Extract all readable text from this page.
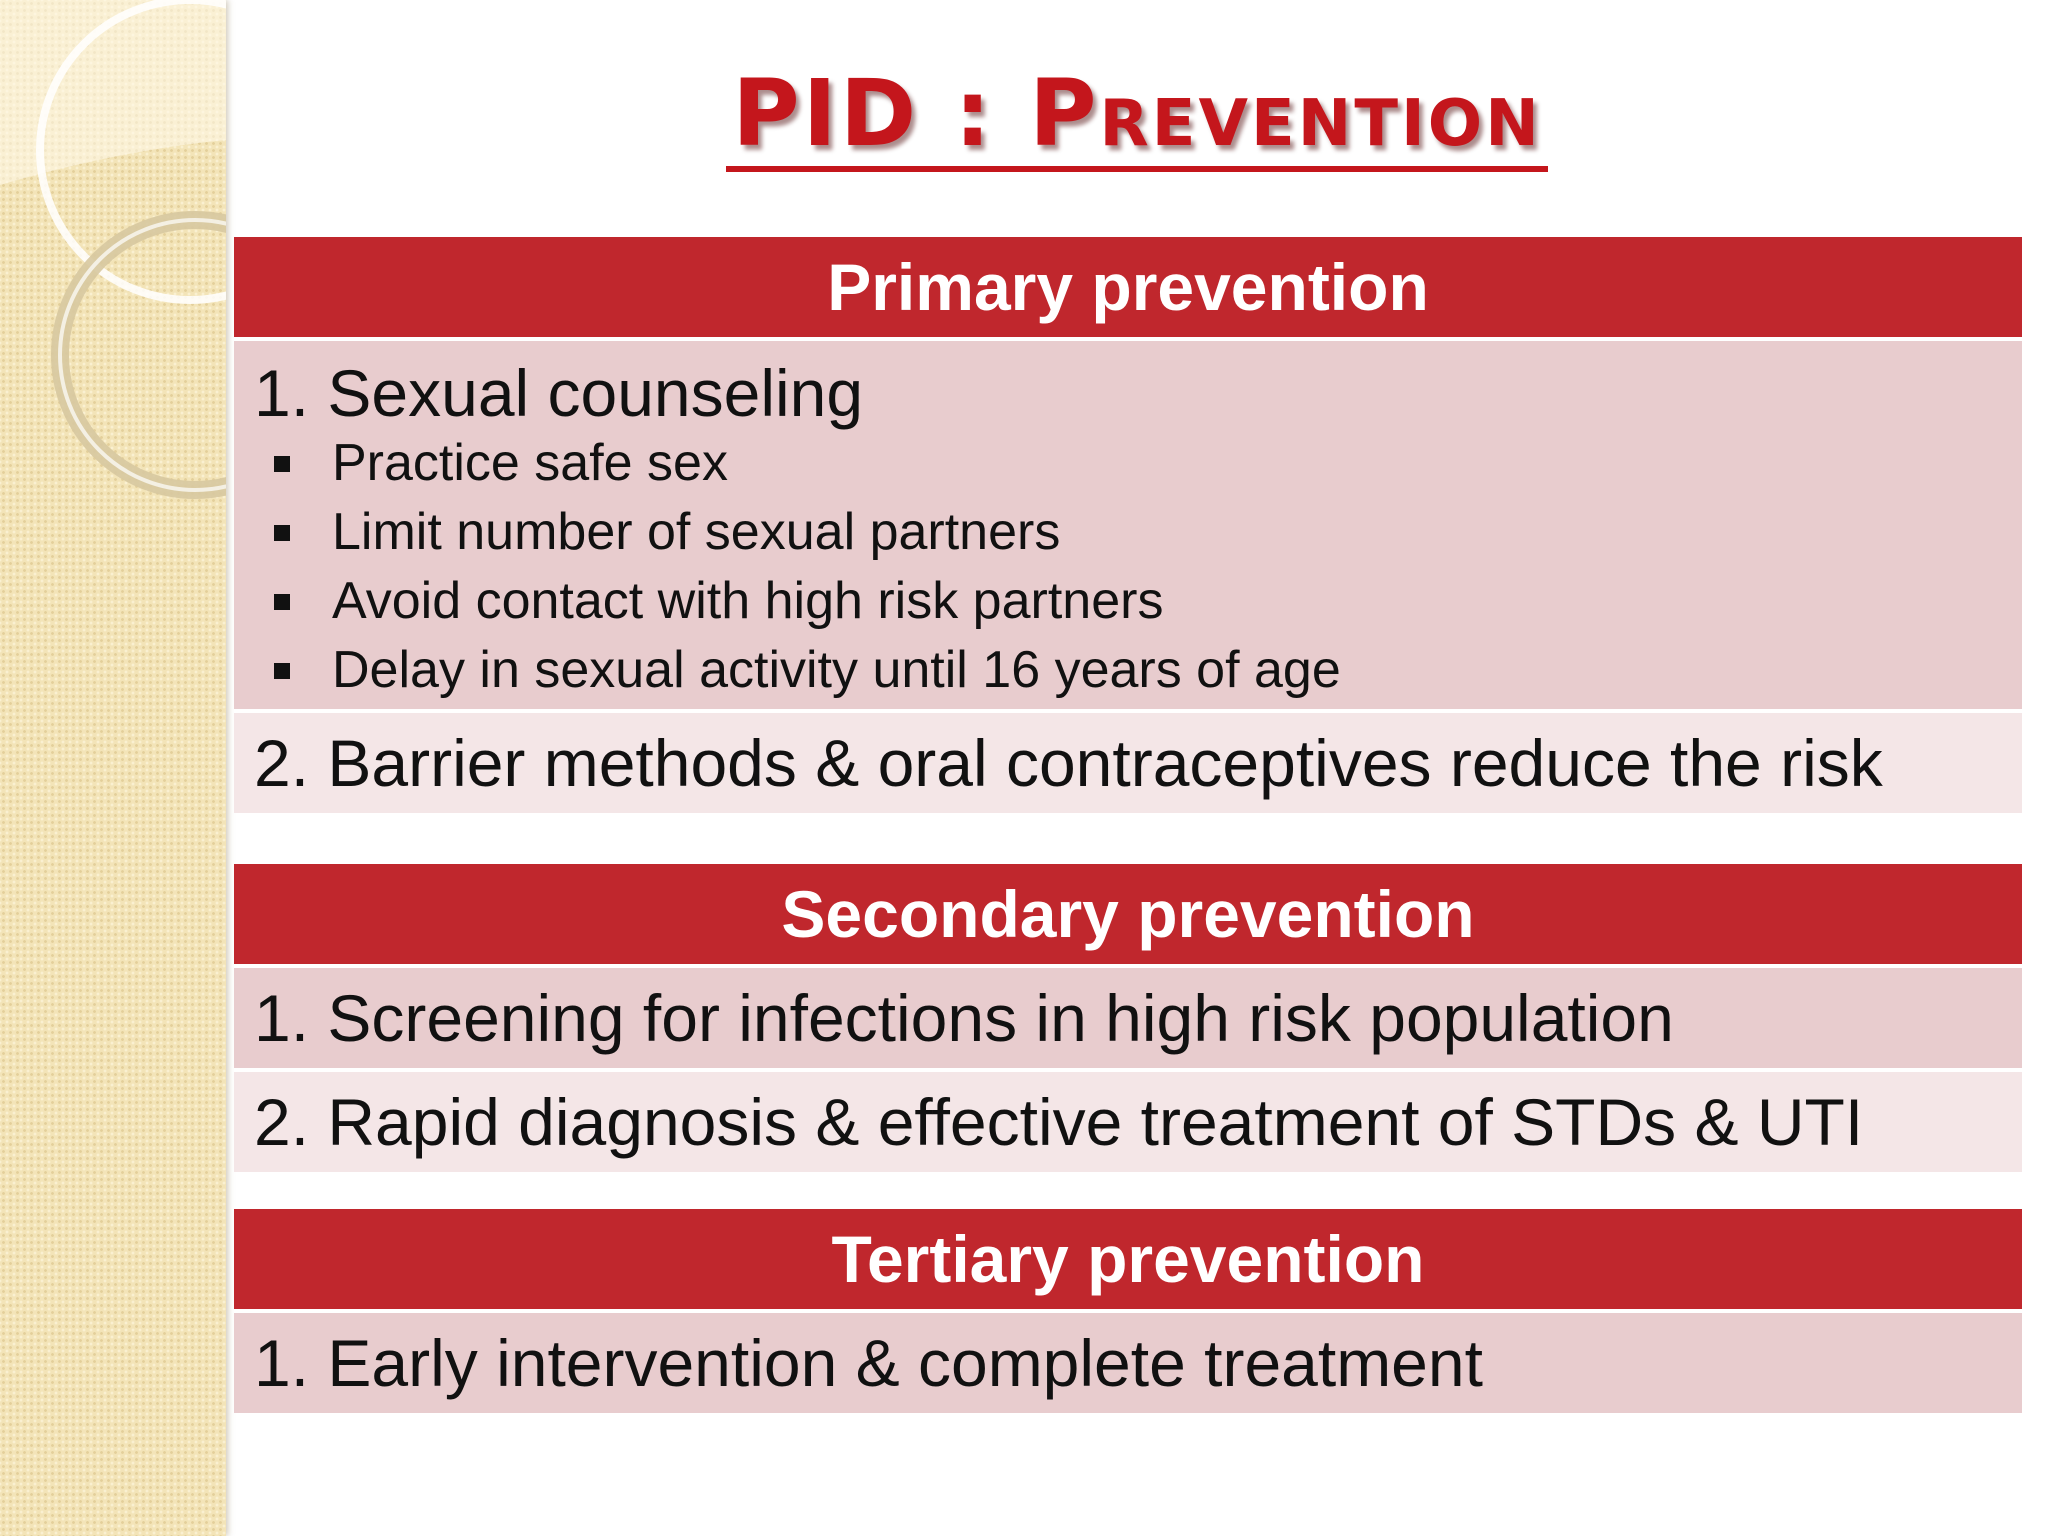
PID : Prevention
Primary prevention
1. Sexual counseling
Practice safe sex
Limit number of sexual partners
Avoid contact with high risk partners
Delay in sexual activity until 16 years of age
2. Barrier methods & oral contraceptives reduce the risk
Secondary prevention
1. Screening for infections in high risk population
2. Rapid diagnosis & effective treatment of STDs & UTI
Tertiary prevention
1. Early intervention & complete treatment
